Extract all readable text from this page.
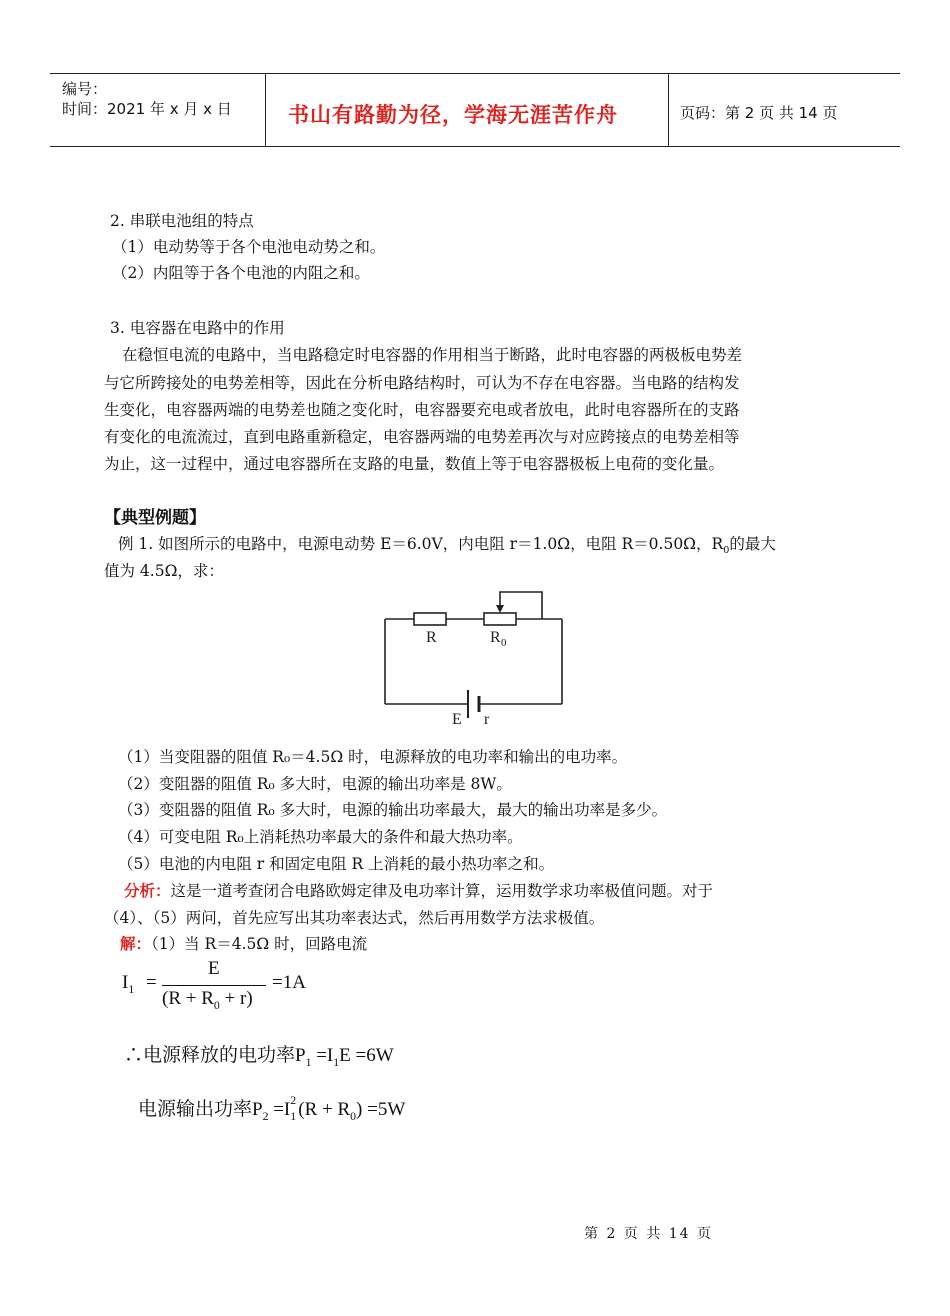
编号：
时间：2021 年 x 月 x 日	书山有路勤为径，学海无涯苦作舟	页码：第 2 页 共 14 页
2. 串联电池组的特点
（1）电动势等于各个电池电动势之和。
（2）内阻等于各个电池的内阻之和。
3. 电容器在电路中的作用
在稳恒电流的电路中，当电路稳定时电容器的作用相当于断路，此时电容器的两极板电势差
与它所跨接处的电势差相等，因此在分析电路结构时，可认为不存在电容器。当电路的结构发
生变化，电容器两端的电势差也随之变化时，电容器要充电或者放电，此时电容器所在的支路
有变化的电流流过，直到电路重新稳定，电容器两端的电势差再次与对应跨接点的电势差相等
为止，这一过程中，通过电容器所在支路的电量，数值上等于电容器极板上电荷的变化量。
【典型例题】
例 1. 如图所示的电路中，电源电动势 E＝6.0V，内电阻 r＝1.0Ω，电阻 R＝0.50Ω，$R_0$的最大
值为 4.5Ω，求：
R	R 0
E r
（1）当变阻器的阻值 R₀＝4.5Ω 时，电源释放的电功率和输出的电功率。
（2）变阻器的阻值 R₀ 多大时，电源的输出功率是 8W。
（3）变阻器的阻值 R₀ 多大时，电源的输出功率最大，最大的输出功率是多少。
（4）可变电阻 R₀上消耗热功率最大的条件和最大热功率。
（5）电池的内电阻 r 和固定电阻 R 上消耗的最小热功率之和。
分析：这是一道考查闭合电路欧姆定律及电功率计算，运用数学求功率极值问题。对于
（4）、（5）两问，首先应写出其功率表达式，然后再用数学方法求极值。
解：（1）当 R＝4.5Ω 时，回路电流
$I_1$ =
E
$(R + R_0 + r)$
=1A
∴电源释放的电功率$P_1 =I_1E =6W$
电源输出功率$P_2 =I$ 2
1 $(R + R_0) =5W$
第 2 页 共 14 页
